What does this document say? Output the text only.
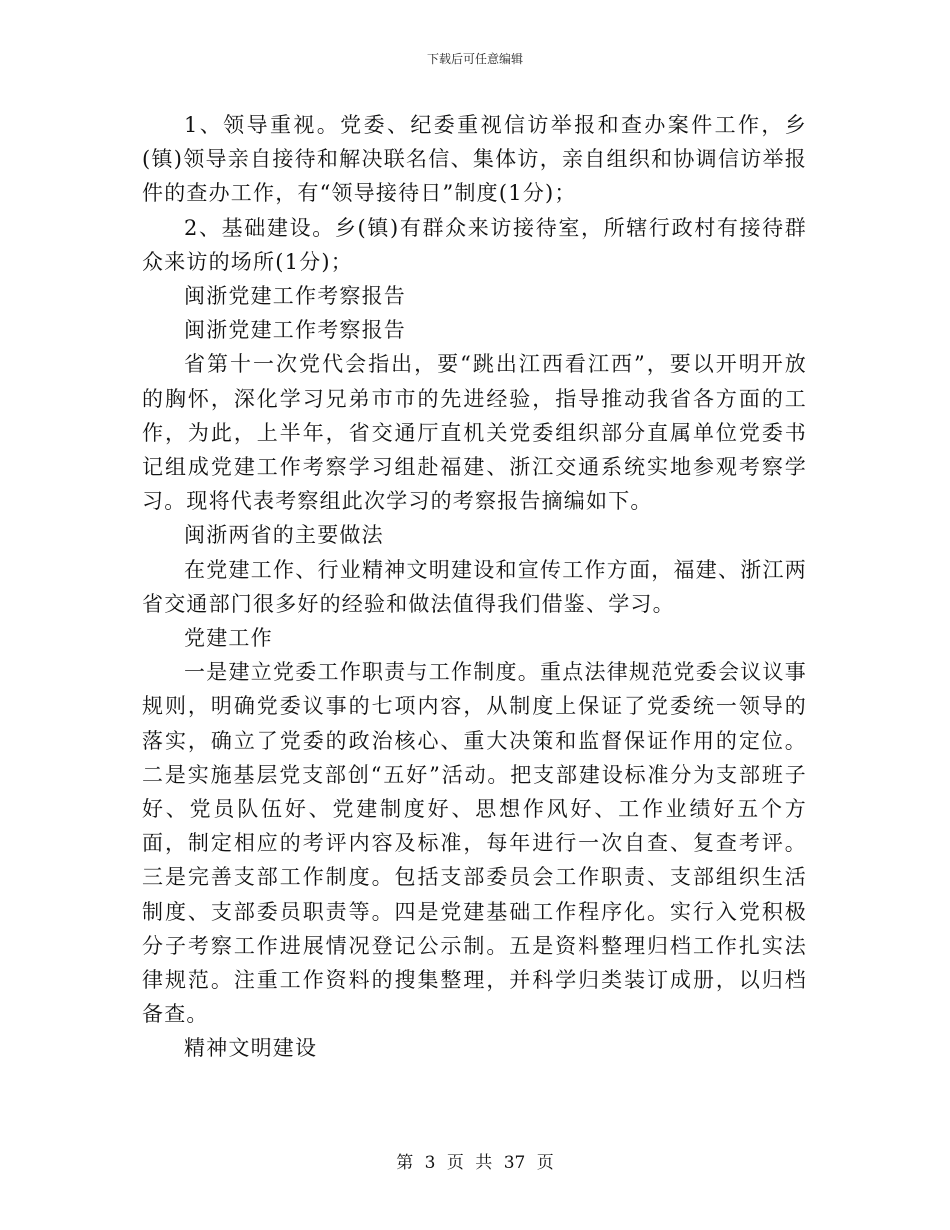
下载后可任意编辑

1、领导重视。党委、纪委重视信访举报和查办案件工作，乡(镇)领导亲自接待和解决联名信、集体访，亲自组织和协调信访举报件的查办工作，有“领导接待日”制度(1分)；

2、基础建设。乡(镇)有群众来访接待室，所辖行政村有接待群众来访的场所(1分)；

闽浙党建工作考察报告

闽浙党建工作考察报告

省第十一次党代会指出，要“跳出江西看江西”，要以开明开放的胸怀，深化学习兄弟市市的先进经验，指导推动我省各方面的工作，为此，上半年，省交通厅直机关党委组织部分直属单位党委书记组成党建工作考察学习组赴福建、浙江交通系统实地参观考察学习。现将代表考察组此次学习的考察报告摘编如下。

闽浙两省的主要做法

在党建工作、行业精神文明建设和宣传工作方面，福建、浙江两省交通部门很多好的经验和做法值得我们借鉴、学习。

党建工作

一是建立党委工作职责与工作制度。重点法律规范党委会议议事规则，明确党委议事的七项内容，从制度上保证了党委统一领导的落实，确立了党委的政治核心、重大决策和监督保证作用的定位。二是实施基层党支部创“五好”活动。把支部建设标准分为支部班子好、党员队伍好、党建制度好、思想作风好、工作业绩好五个方面，制定相应的考评内容及标准，每年进行一次自查、复查考评。三是完善支部工作制度。包括支部委员会工作职责、支部组织生活制度、支部委员职责等。四是党建基础工作程序化。实行入党积极分子考察工作进展情况登记公示制。五是资料整理归档工作扎实法律规范。注重工作资料的搜集整理，并科学归类装订成册，以归档备查。

精神文明建设

第 3 页 共 37 页
